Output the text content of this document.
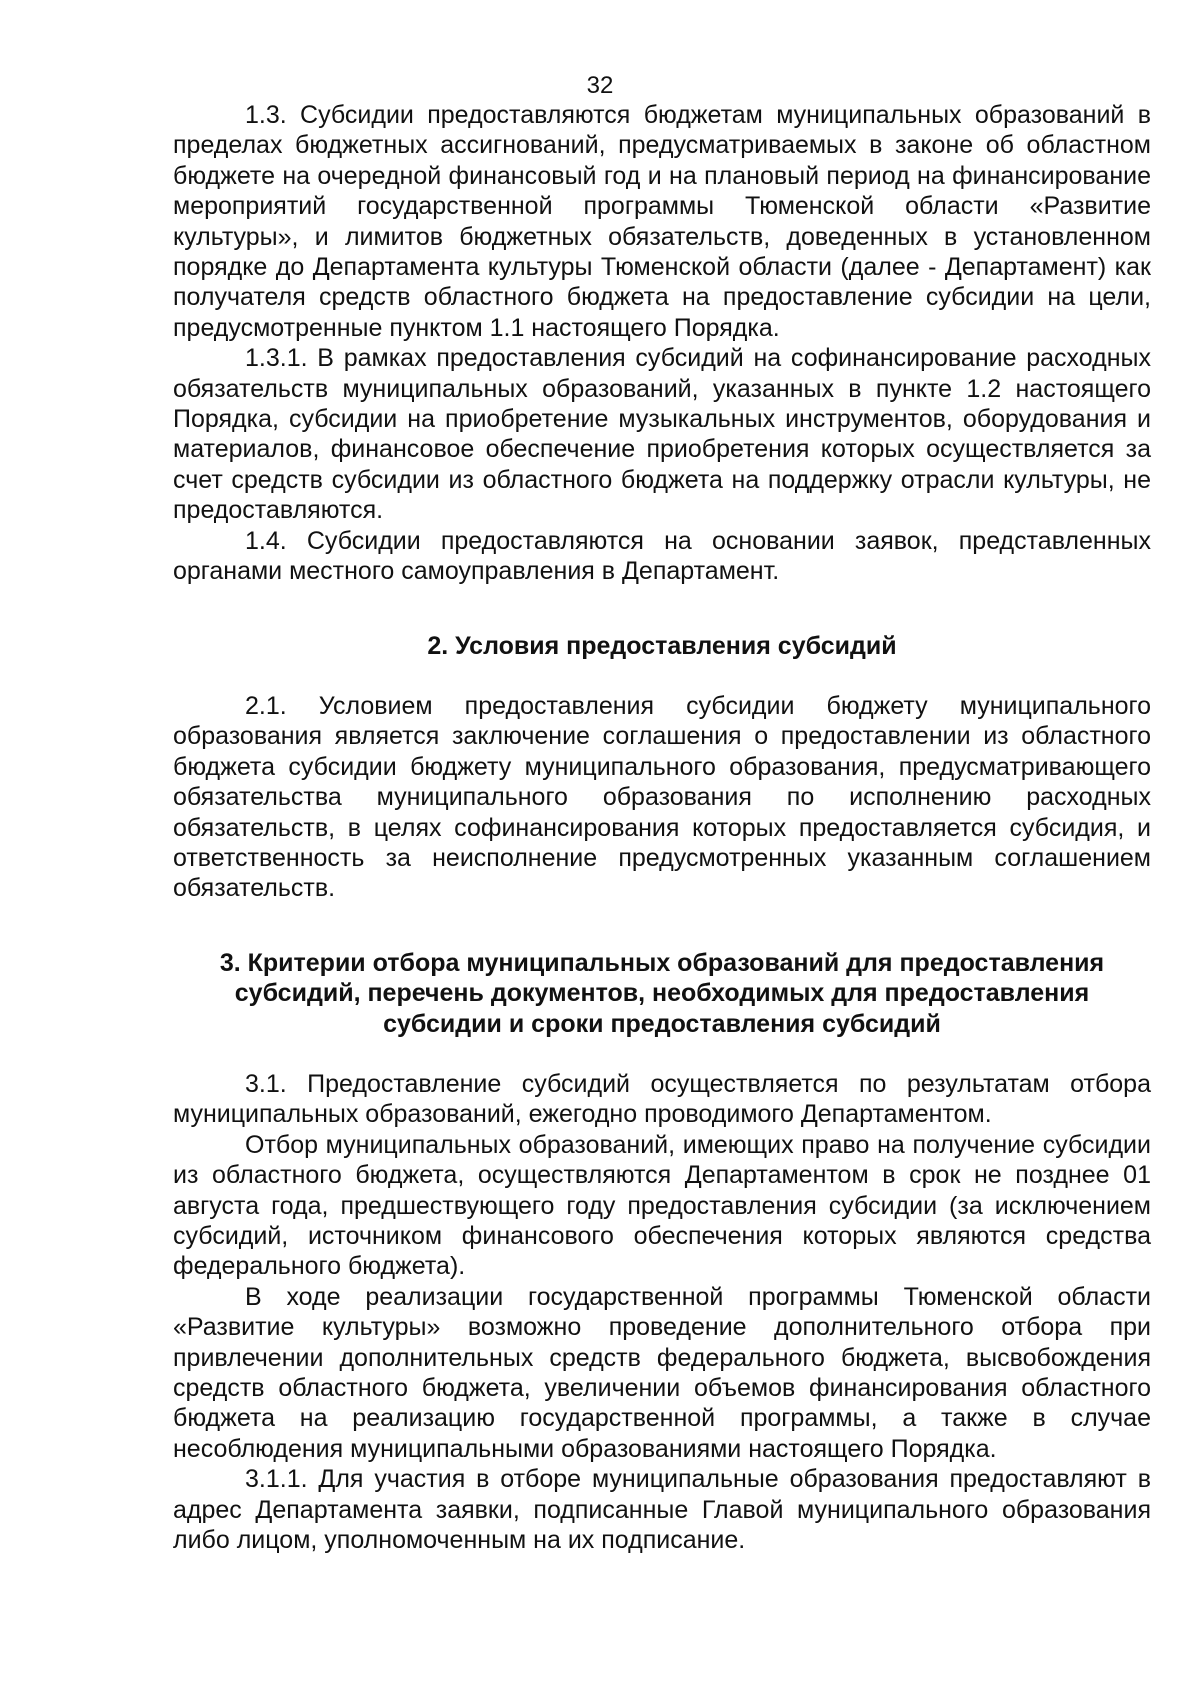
32

1.3. Субсидии предоставляются бюджетам муниципальных образований в пределах бюджетных ассигнований, предусматриваемых в законе об областном бюджете на очередной финансовый год и на плановый период на финансирование мероприятий государственной программы Тюменской области «Развитие культуры», и лимитов бюджетных обязательств, доведенных в установленном порядке до Департамента культуры Тюменской области (далее - Департамент) как получателя средств областного бюджета на предоставление субсидии на цели, предусмотренные пунктом 1.1 настоящего Порядка.

1.3.1. В рамках предоставления субсидий на софинансирование расходных обязательств муниципальных образований, указанных в пункте 1.2 настоящего Порядка, субсидии на приобретение музыкальных инструментов, оборудования и материалов, финансовое обеспечение приобретения которых осуществляется за счет средств субсидии из областного бюджета на поддержку отрасли культуры, не предоставляются.

1.4. Субсидии предоставляются на основании заявок, представленных органами местного самоуправления в Департамент.

2. Условия предоставления субсидий

2.1. Условием предоставления субсидии бюджету муниципального образования является заключение соглашения о предоставлении из областного бюджета субсидии бюджету муниципального образования, предусматривающего обязательства муниципального образования по исполнению расходных обязательств, в целях софинансирования которых предоставляется субсидия, и ответственность за неисполнение предусмотренных указанным соглашением обязательств.

3. Критерии отбора муниципальных образований для предоставления субсидий, перечень документов, необходимых для предоставления субсидии и сроки предоставления субсидий

3.1. Предоставление субсидий осуществляется по результатам отбора муниципальных образований, ежегодно проводимого Департаментом.

Отбор муниципальных образований, имеющих право на получение субсидии из областного бюджета, осуществляются Департаментом в срок не позднее 01 августа года, предшествующего году предоставления субсидии (за исключением субсидий, источником финансового обеспечения которых являются средства федерального бюджета).

В ходе реализации государственной программы Тюменской области «Развитие культуры» возможно проведение дополнительного отбора при привлечении дополнительных средств федерального бюджета, высвобождения средств областного бюджета, увеличении объемов финансирования областного бюджета на реализацию государственной программы, а также в случае несоблюдения муниципальными образованиями настоящего Порядка.

3.1.1. Для участия в отборе муниципальные образования предоставляют в адрес Департамента заявки, подписанные Главой муниципального образования либо лицом, уполномоченным на их подписание.
